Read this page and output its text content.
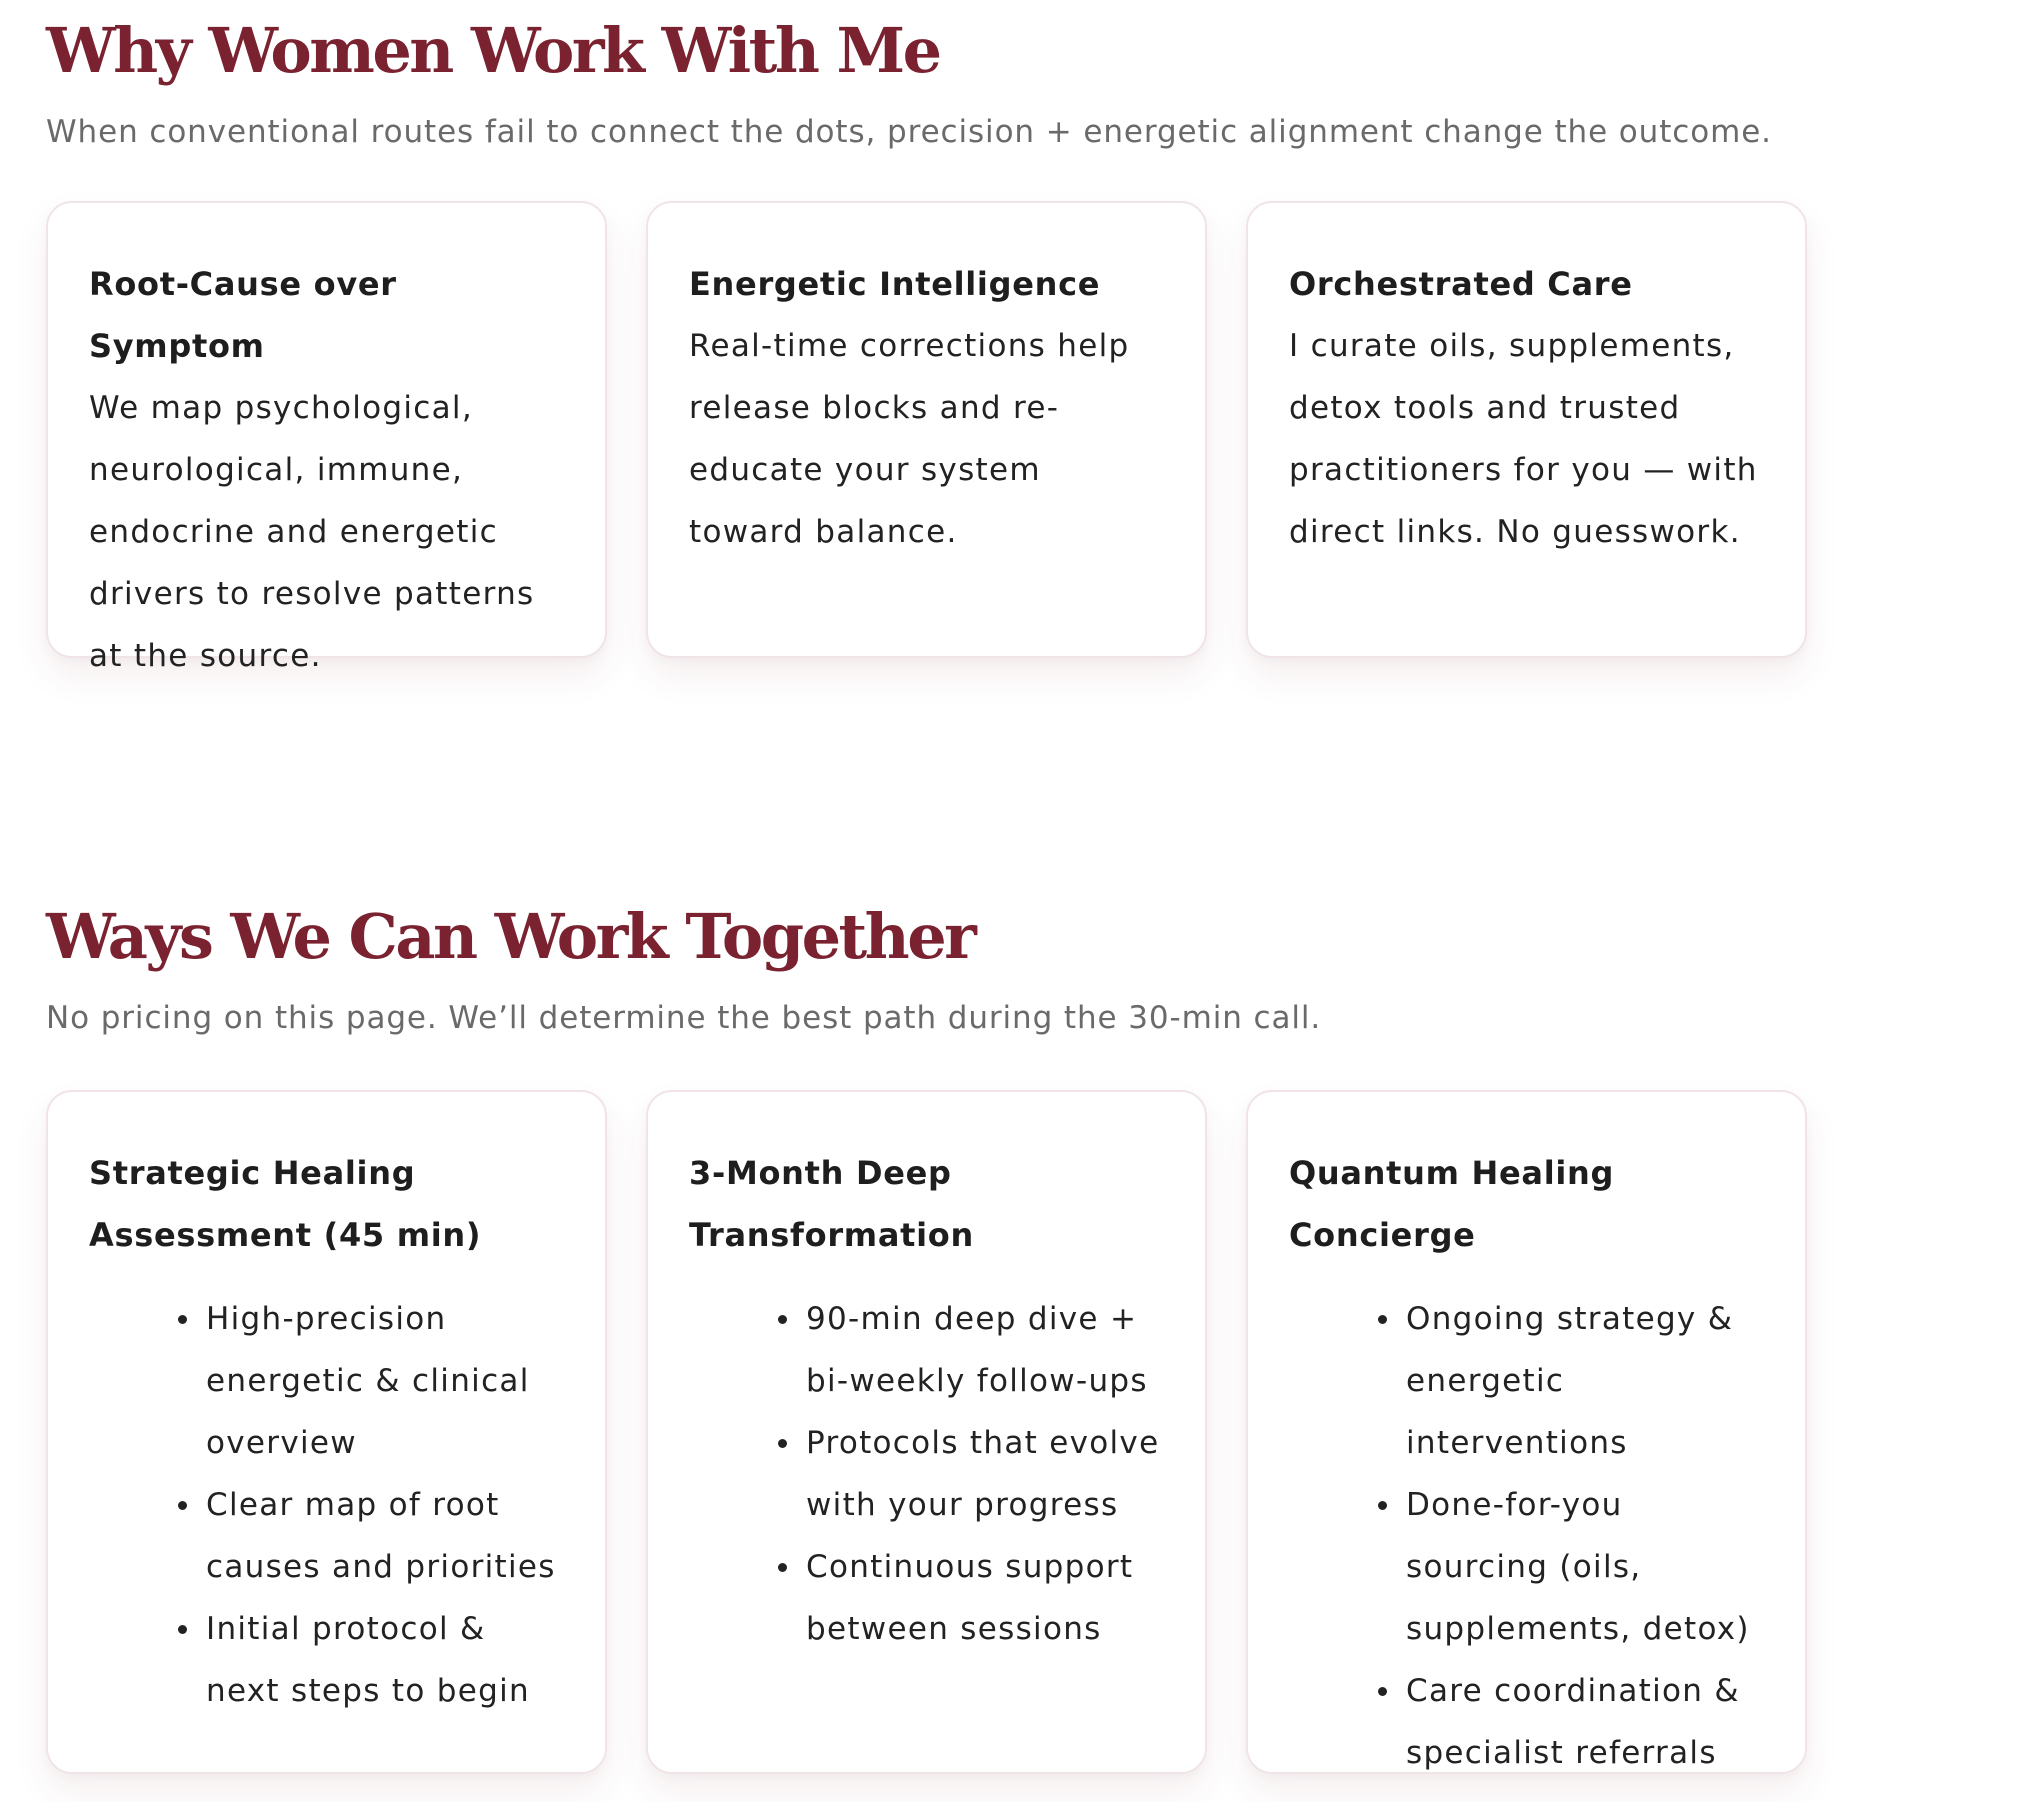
Why Women Work With Me

When conventional routes fail to connect the dots, precision + energetic alignment change the outcome.

Root-Cause over Symptom

We map psychological, neurological, immune, endocrine and energetic drivers to resolve patterns at the source.

Energetic Intelligence

Real-time corrections help release blocks and re-educate your system toward balance.

Orchestrated Care

I curate oils, supplements, detox tools and trusted practitioners for you — with direct links. No guesswork.

Ways We Can Work Together

No pricing on this page. We’ll determine the best path during the 30-min call.

Strategic Healing Assessment (45 min)
High-precision energetic & clinical overview
Clear map of root causes and priorities
Initial protocol & next steps to begin
3-Month Deep Transformation
90-min deep dive + bi-weekly follow-ups
Protocols that evolve with your progress
Continuous support between sessions
Quantum Healing Concierge
Ongoing strategy & energetic interventions
Done-for-you sourcing (oils, supplements, detox)
Care coordination & specialist referrals
